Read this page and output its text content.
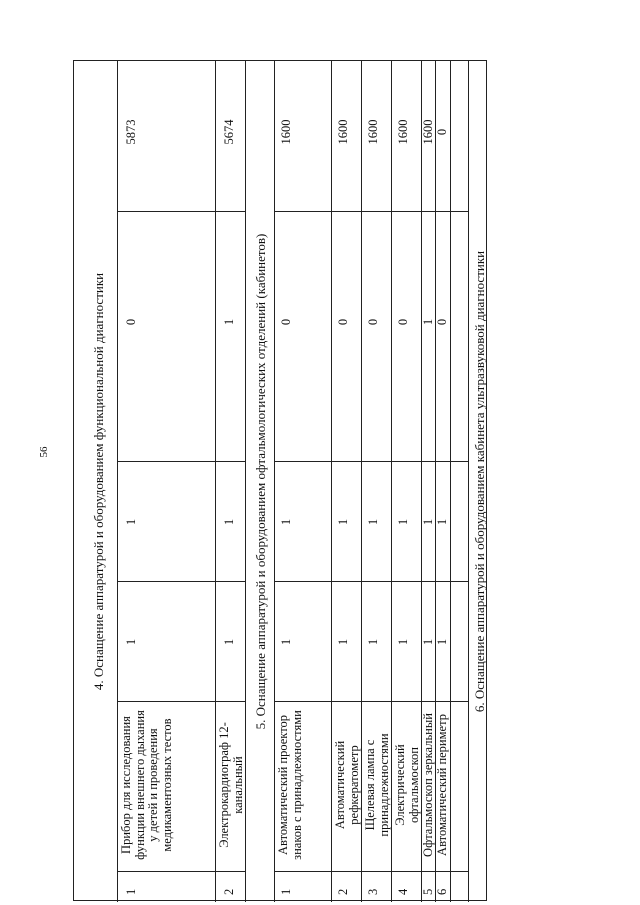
56	4. Оснащение аппаратурой и оборудованием функциональной диагностики
1
Прибор для исследования функции внешнего дыхания у детей и проведения медикаментозных тестов
1
1
0
5873
2
Электрокардиограф 12-канальный
1
1
1
5674
5. Оснащение аппаратурой и оборудованием офтальмологических отделений (кабинетов)
1
Автоматический проектор знаков с принадлежностями
1
1
0
1600
2
Автоматический рефкератометр
1
1
0
1600
3
Щелевая лампа с принадлежностями
1
1
0
1600
4
Электрический офтальмоскоп
1
1
0
1600
5
Офтальмоскоп зеркальный
1
1
1
1600
6
Автоматический периметр
1
1
0
0
6. Оснащение аппаратурой и оборудованием кабинета ультразвуковой диагностики
